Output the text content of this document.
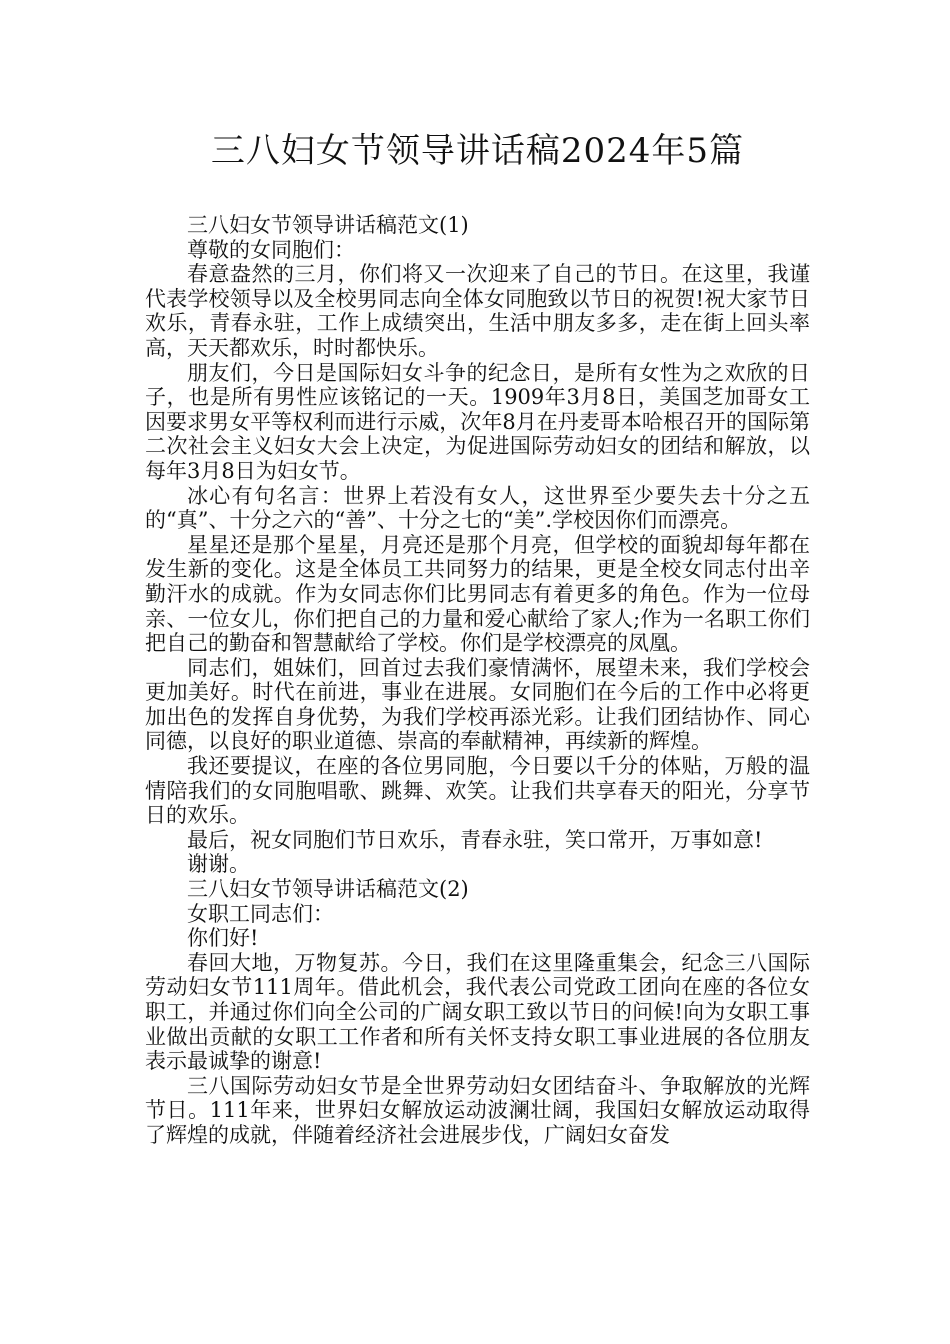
三八妇女节领导讲话稿2024年5篇

三八妇女节领导讲话稿范文(1)

尊敬的女同胞们：

春意盎然的三月，你们将又一次迎来了自己的节日。在这里，我谨代表学校领导以及全校男同志向全体女同胞致以节日的祝贺!祝大家节日欢乐，青春永驻，工作上成绩突出，生活中朋友多多，走在街上回头率高，天天都欢乐，时时都快乐。

朋友们，今日是国际妇女斗争的纪念日，是所有女性为之欢欣的日子，也是所有男性应该铭记的一天。1909年3月8日，美国芝加哥女工因要求男女平等权利而进行示威，次年8月在丹麦哥本哈根召开的国际第二次社会主义妇女大会上决定，为促进国际劳动妇女的团结和解放，以每年3月8日为妇女节。

冰心有句名言：世界上若没有女人，这世界至少要失去十分之五的“真”、十分之六的“善”、十分之七的“美”.学校因你们而漂亮。

星星还是那个星星，月亮还是那个月亮，但学校的面貌却每年都在发生新的变化。这是全体员工共同努力的结果，更是全校女同志付出辛勤汗水的成就。作为女同志你们比男同志有着更多的角色。作为一位母亲、一位女儿，你们把自己的力量和爱心献给了家人;作为一名职工你们把自己的勤奋和智慧献给了学校。你们是学校漂亮的凤凰。

同志们，姐妹们，回首过去我们豪情满怀，展望未来，我们学校会更加美好。时代在前进，事业在进展。女同胞们在今后的工作中必将更加出色的发挥自身优势，为我们学校再添光彩。让我们团结协作、同心同德，以良好的职业道德、崇高的奉献精神，再续新的辉煌。

我还要提议，在座的各位男同胞，今日要以千分的体贴，万般的温情陪我们的女同胞唱歌、跳舞、欢笑。让我们共享春天的阳光，分享节日的欢乐。

最后，祝女同胞们节日欢乐，青春永驻，笑口常开，万事如意!

谢谢。

三八妇女节领导讲话稿范文(2)

女职工同志们：

你们好!

春回大地，万物复苏。今日，我们在这里隆重集会，纪念三八国际劳动妇女节111周年。借此机会，我代表公司党政工团向在座的各位女职工，并通过你们向全公司的广阔女职工致以节日的问候!向为女职工事业做出贡献的女职工工作者和所有关怀支持女职工事业进展的各位朋友表示最诚挚的谢意!

三八国际劳动妇女节是全世界劳动妇女团结奋斗、争取解放的光辉节日。111年来，世界妇女解放运动波澜壮阔，我国妇女解放运动取得了辉煌的成就，伴随着经济社会进展步伐，广阔妇女奋发
